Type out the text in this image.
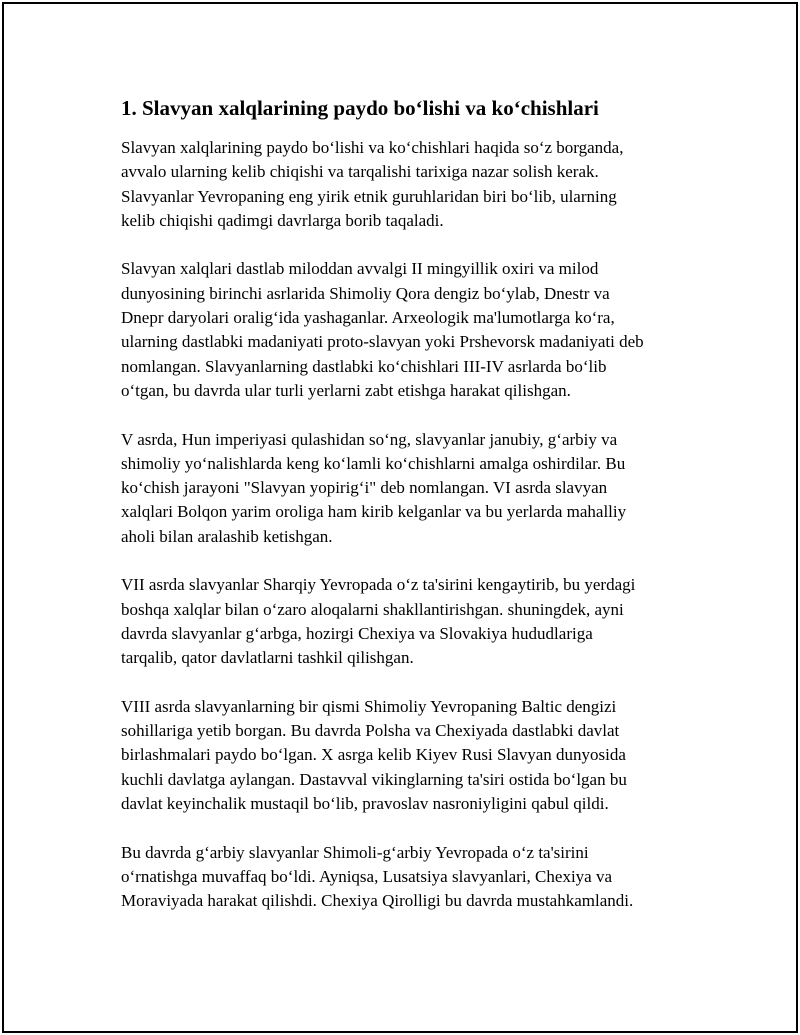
1. Slavyan xalqlarining paydo bo‘lishi va ko‘chishlari

Slavyan xalqlarining paydo bo‘lishi va ko‘chishlari haqida so‘z borganda,
avvalo ularning kelib chiqishi va tarqalishi tarixiga nazar solish kerak.
Slavyanlar Yevropaning eng yirik etnik guruhlaridan biri bo‘lib, ularning
kelib chiqishi qadimgi davrlarga borib taqaladi.

Slavyan xalqlari dastlab miloddan avvalgi II mingyillik oxiri va milod
dunyosining birinchi asrlarida Shimoliy Qora dengiz bo‘ylab, Dnestr va
Dnepr daryolari oralig‘ida yashaganlar. Arxeologik ma'lumotlarga ko‘ra,
ularning dastlabki madaniyati proto-slavyan yoki Prshevorsk madaniyati deb
nomlangan. Slavyanlarning dastlabki ko‘chishlari III-IV asrlarda bo‘lib
o‘tgan, bu davrda ular turli yerlarni zabt etishga harakat qilishgan.

V asrda, Hun imperiyasi qulashidan so‘ng, slavyanlar janubiy, g‘arbiy va
shimoliy yo‘nalishlarda keng ko‘lamli ko‘chishlarni amalga oshirdilar. Bu
ko‘chish jarayoni "Slavyan yopirig‘i" deb nomlangan. VI asrda slavyan
xalqlari Bolqon yarim oroliga ham kirib kelganlar va bu yerlarda mahalliy
aholi bilan aralashib ketishgan.

VII asrda slavyanlar Sharqiy Yevropada o‘z ta'sirini kengaytirib, bu yerdagi
boshqa xalqlar bilan o‘zaro aloqalarni shakllantirishgan. shuningdek, ayni
davrda slavyanlar g‘arbga, hozirgi Chexiya va Slovakiya hududlariga
tarqalib, qator davlatlarni tashkil qilishgan.

VIII asrda slavyanlarning bir qismi Shimoliy Yevropaning Baltic dengizi
sohillariga yetib borgan. Bu davrda Polsha va Chexiyada dastlabki davlat
birlashmalari paydo bo‘lgan. X asrga kelib Kiyev Rusi Slavyan dunyosida
kuchli davlatga aylangan. Dastavval vikinglarning ta'siri ostida bo‘lgan bu
davlat keyinchalik mustaqil bo‘lib, pravoslav nasroniyligini qabul qildi.

Bu davrda g‘arbiy slavyanlar Shimoli-g‘arbiy Yevropada o‘z ta'sirini
o‘rnatishga muvaffaq bo‘ldi. Ayniqsa, Lusatsiya slavyanlari, Chexiya va
Moraviyada harakat qilishdi. Chexiya Qirolligi bu davrda mustahkamlandi.
